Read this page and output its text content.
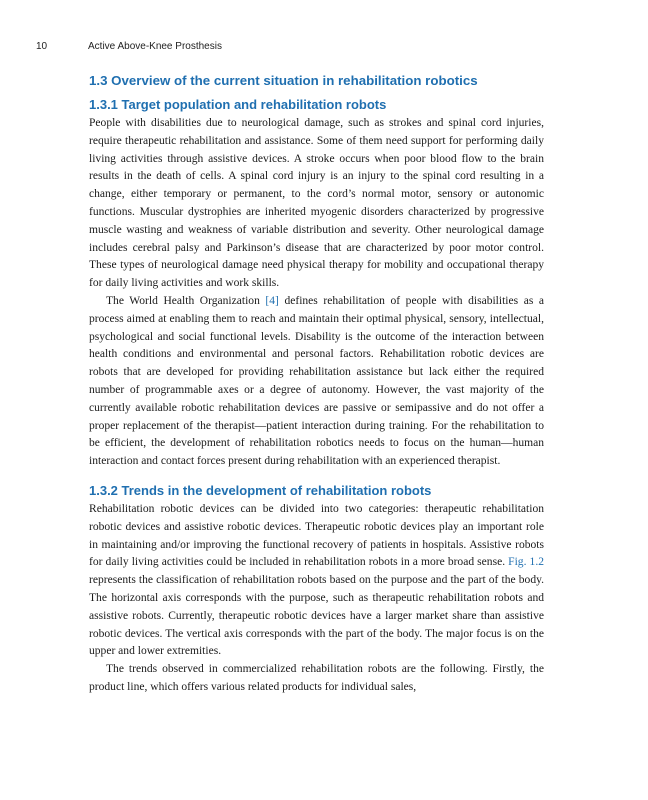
10	Active Above-Knee Prosthesis
1.3 Overview of the current situation in rehabilitation robotics
1.3.1 Target population and rehabilitation robots

People with disabilities due to neurological damage, such as strokes and spinal cord injuries, require therapeutic rehabilitation and assistance. Some of them need support for performing daily living activities through assistive devices. A stroke occurs when poor blood flow to the brain results in the death of cells. A spinal cord injury is an injury to the spinal cord resulting in a change, either temporary or permanent, to the cord’s normal motor, sensory or autonomic functions. Muscular dystrophies are inherited myogenic disorders characterized by progressive muscle wasting and weakness of variable distribution and severity. Other neurological damage includes cerebral palsy and Parkinson’s disease that are characterized by poor motor control. These types of neurological damage need physical therapy for mobility and occupational therapy for daily living activities and work skills.

The World Health Organization [4] defines rehabilitation of people with disabilities as a process aimed at enabling them to reach and maintain their optimal physical, sensory, intellectual, psychological and social functional levels. Disability is the outcome of the interaction between health conditions and environmental and personal factors. Rehabilitation robotic devices are robots that are developed for providing rehabilitation assistance but lack either the required number of programmable axes or a degree of autonomy. However, the vast majority of the currently available robotic rehabilitation devices are passive or semipassive and do not offer a proper replacement of the therapist—patient interaction during training. For the rehabilitation to be efficient, the development of rehabilitation robotics needs to focus on the human—human interaction and contact forces present during rehabilitation with an experienced therapist.

1.3.2 Trends in the development of rehabilitation robots

Rehabilitation robotic devices can be divided into two categories: therapeutic rehabilitation robotic devices and assistive robotic devices. Therapeutic robotic devices play an important role in maintaining and/or improving the functional recovery of patients in hospitals. Assistive robots for daily living activities could be included in rehabilitation robots in a more broad sense. Fig. 1.2 represents the classification of rehabilitation robots based on the purpose and the part of the body. The horizontal axis corresponds with the purpose, such as therapeutic rehabilitation robots and assistive robots. Currently, therapeutic robotic devices have a larger market share than assistive robotic devices. The vertical axis corresponds with the part of the body. The major focus is on the upper and lower extremities.

The trends observed in commercialized rehabilitation robots are the following. Firstly, the product line, which offers various related products for individual sales,
